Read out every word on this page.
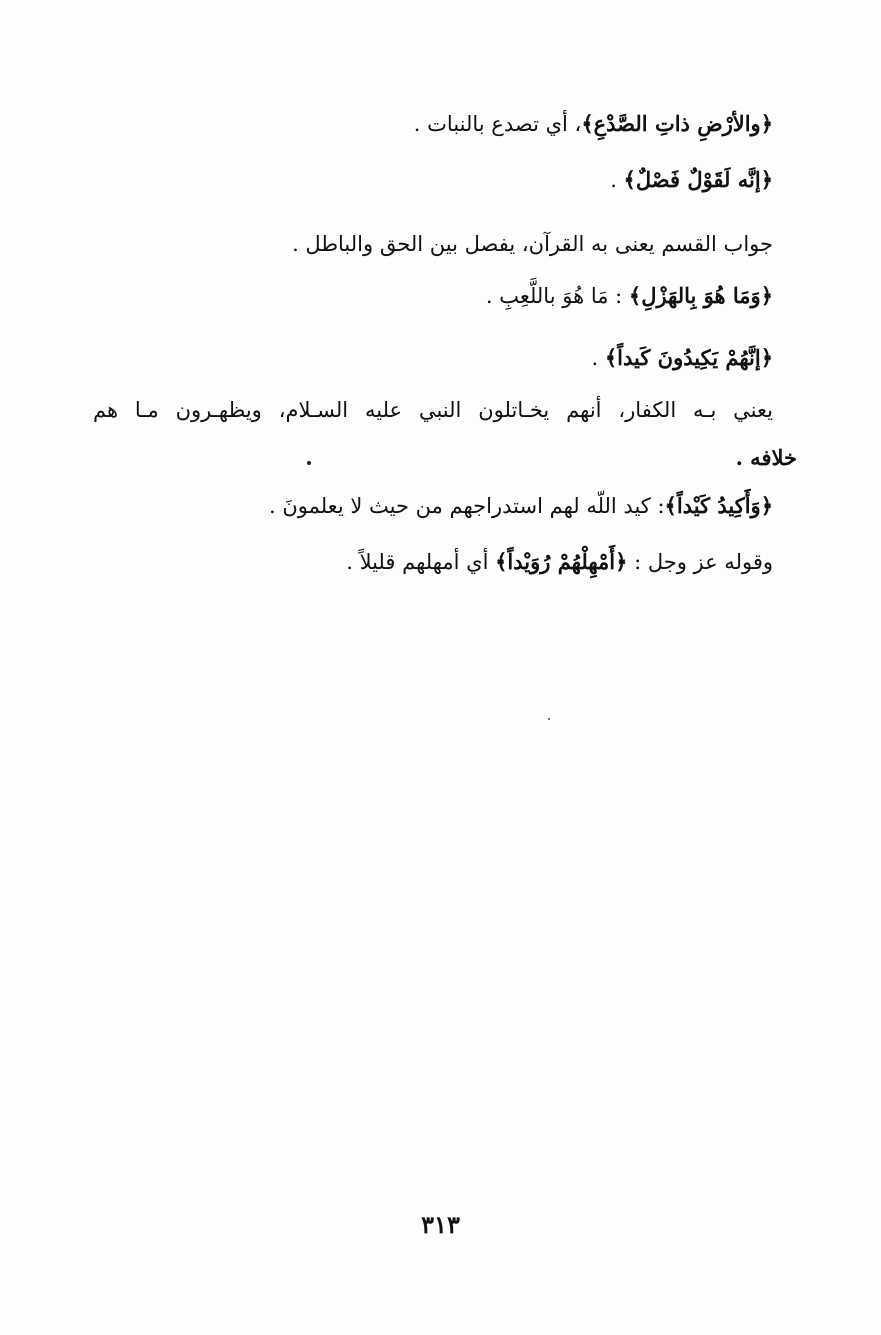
﴿والأرْضِ ذاتِ الصَّدْعِ﴾، أي تصدع بالنبات .
﴿إنَّه لَقَوْلٌ فَصْلٌ﴾ .
جواب القسم يعنى به القرآن، يفصل بين الحق والباطل .
﴿وَمَا هُوَ بِالهَزْلِ﴾ : مَا هُوَ باللَّعِبِ .
﴿إنَّهُمْ يَكِيدُونَ كَيداً﴾ .
يعني بـه الكفار، أنهم يخـاتلون النبي عليه السـلام، ويظهـرون مـا هم
خلافه .
﴿وَأَكِيدُ كَيْداً﴾: كيد اللّه لهم استدراجهم من حيث لا يعلمونَ .
وقوله عز وجل : ﴿أَمْهِلْهُمْ رُوَيْداً﴾ أي أمهلهم قليلاً .
٣١٣
